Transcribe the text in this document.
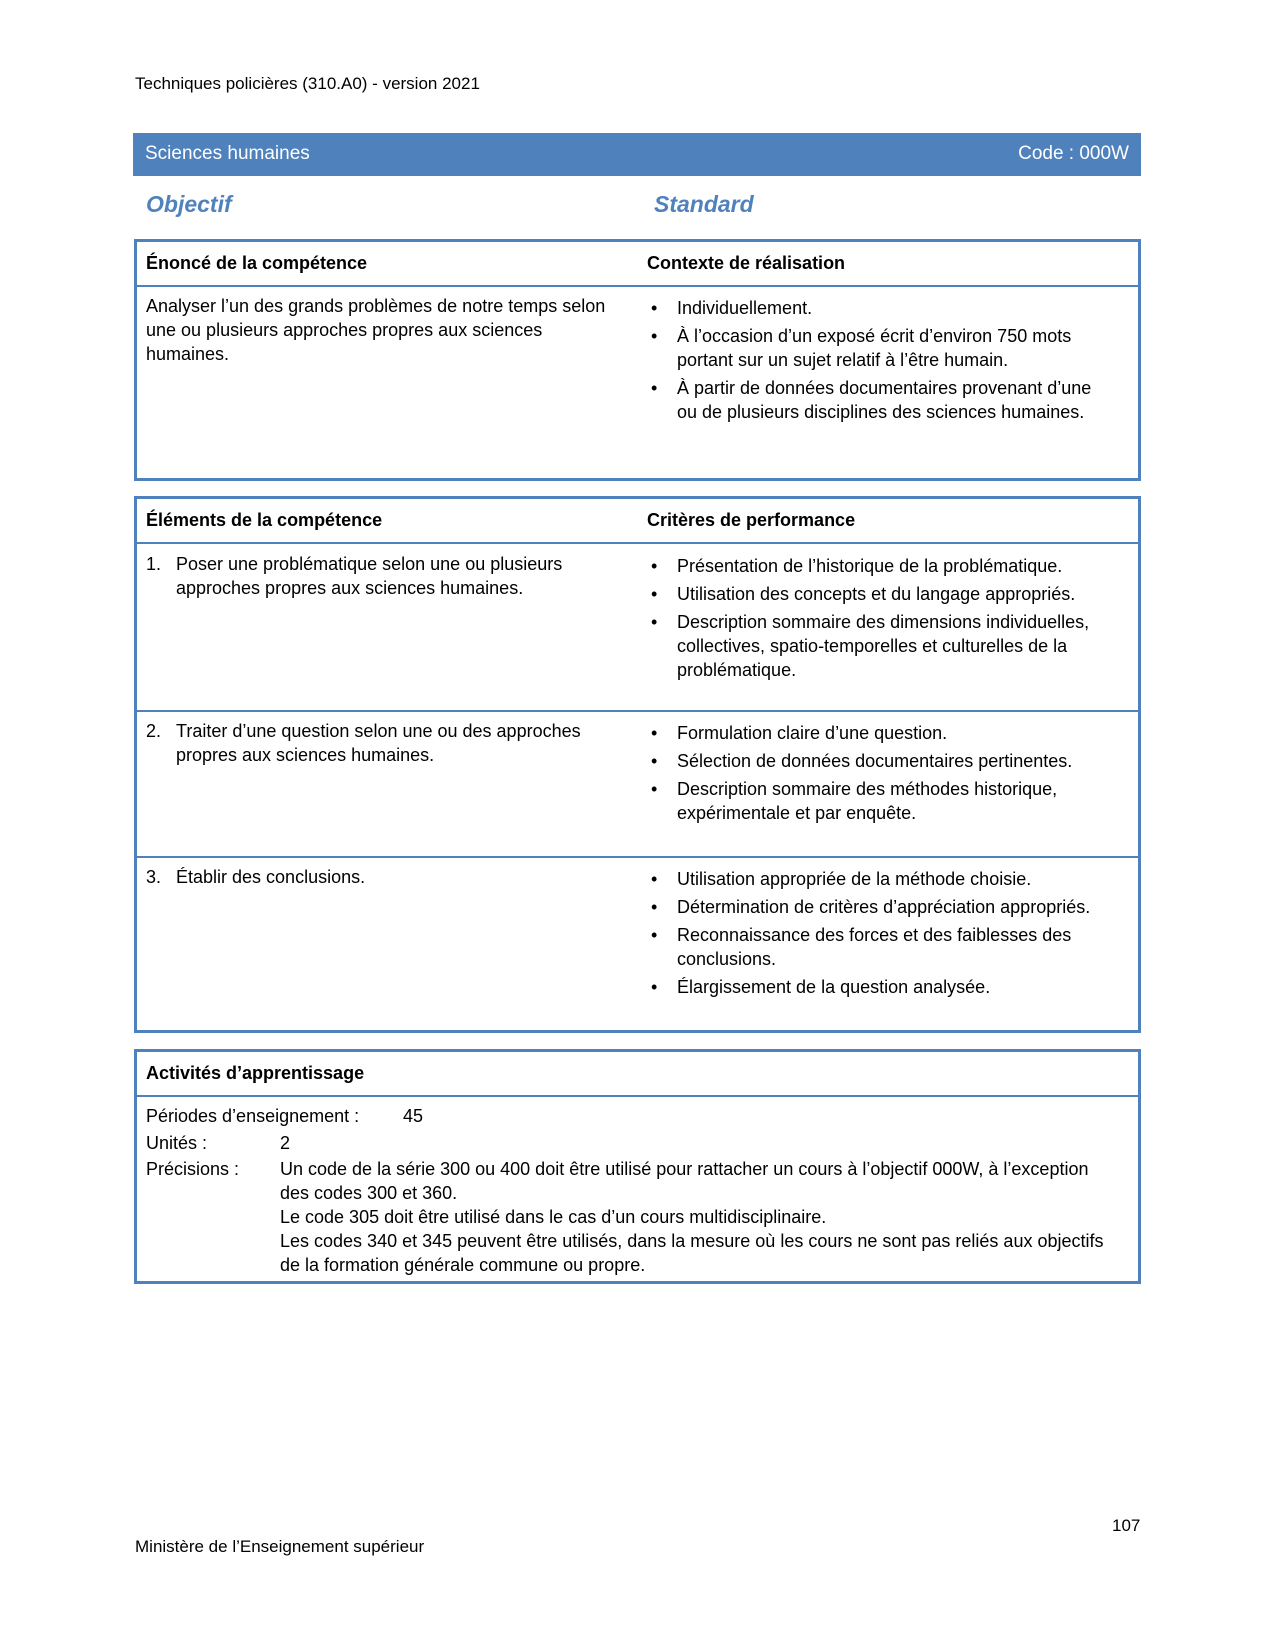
Techniques policières (310.A0) - version 2021
Sciences humaines	Code : 000W
Objectif	Standard
Énoncé de la compétence	Contexte de réalisation
Analyser l’un des grands problèmes de notre temps selon une ou plusieurs approches propres aux sciences humaines.
• Individuellement.
• À l’occasion d’un exposé écrit d’environ 750 mots portant sur un sujet relatif à l’être humain.
• À partir de données documentaires provenant d’une ou de plusieurs disciplines des sciences humaines.
Éléments de la compétence	Critères de performance
1. Poser une problématique selon une ou plusieurs approches propres aux sciences humaines.
• Présentation de l’historique de la problématique.
• Utilisation des concepts et du langage appropriés.
• Description sommaire des dimensions individuelles, collectives, spatio-temporelles et culturelles de la problématique.
2. Traiter d’une question selon une ou des approches propres aux sciences humaines.
• Formulation claire d’une question.
• Sélection de données documentaires pertinentes.
• Description sommaire des méthodes historique, expérimentale et par enquête.
3. Établir des conclusions.
•	Utilisation appropriée de la méthode choisie.
• Détermination de critères d’appréciation appropriés.
• Reconnaissance des forces et des faiblesses des conclusions.
• Élargissement de la question analysée.
Activités d’apprentissage
Périodes d’enseignement : 45
Unités :	2
Précisions : Un code de la série 300 ou 400 doit être utilisé pour rattacher un cours à l’objectif 000W, à l’exception des codes 300 et 360.

Le code 305 doit être utilisé dans le cas d’un cours multidisciplinaire.

Les codes 340 et 345 peuvent être utilisés, dans la mesure où les cours ne sont pas reliés aux objectifs de la formation générale commune ou propre.

107
Ministère de l’Enseignement supérieur
